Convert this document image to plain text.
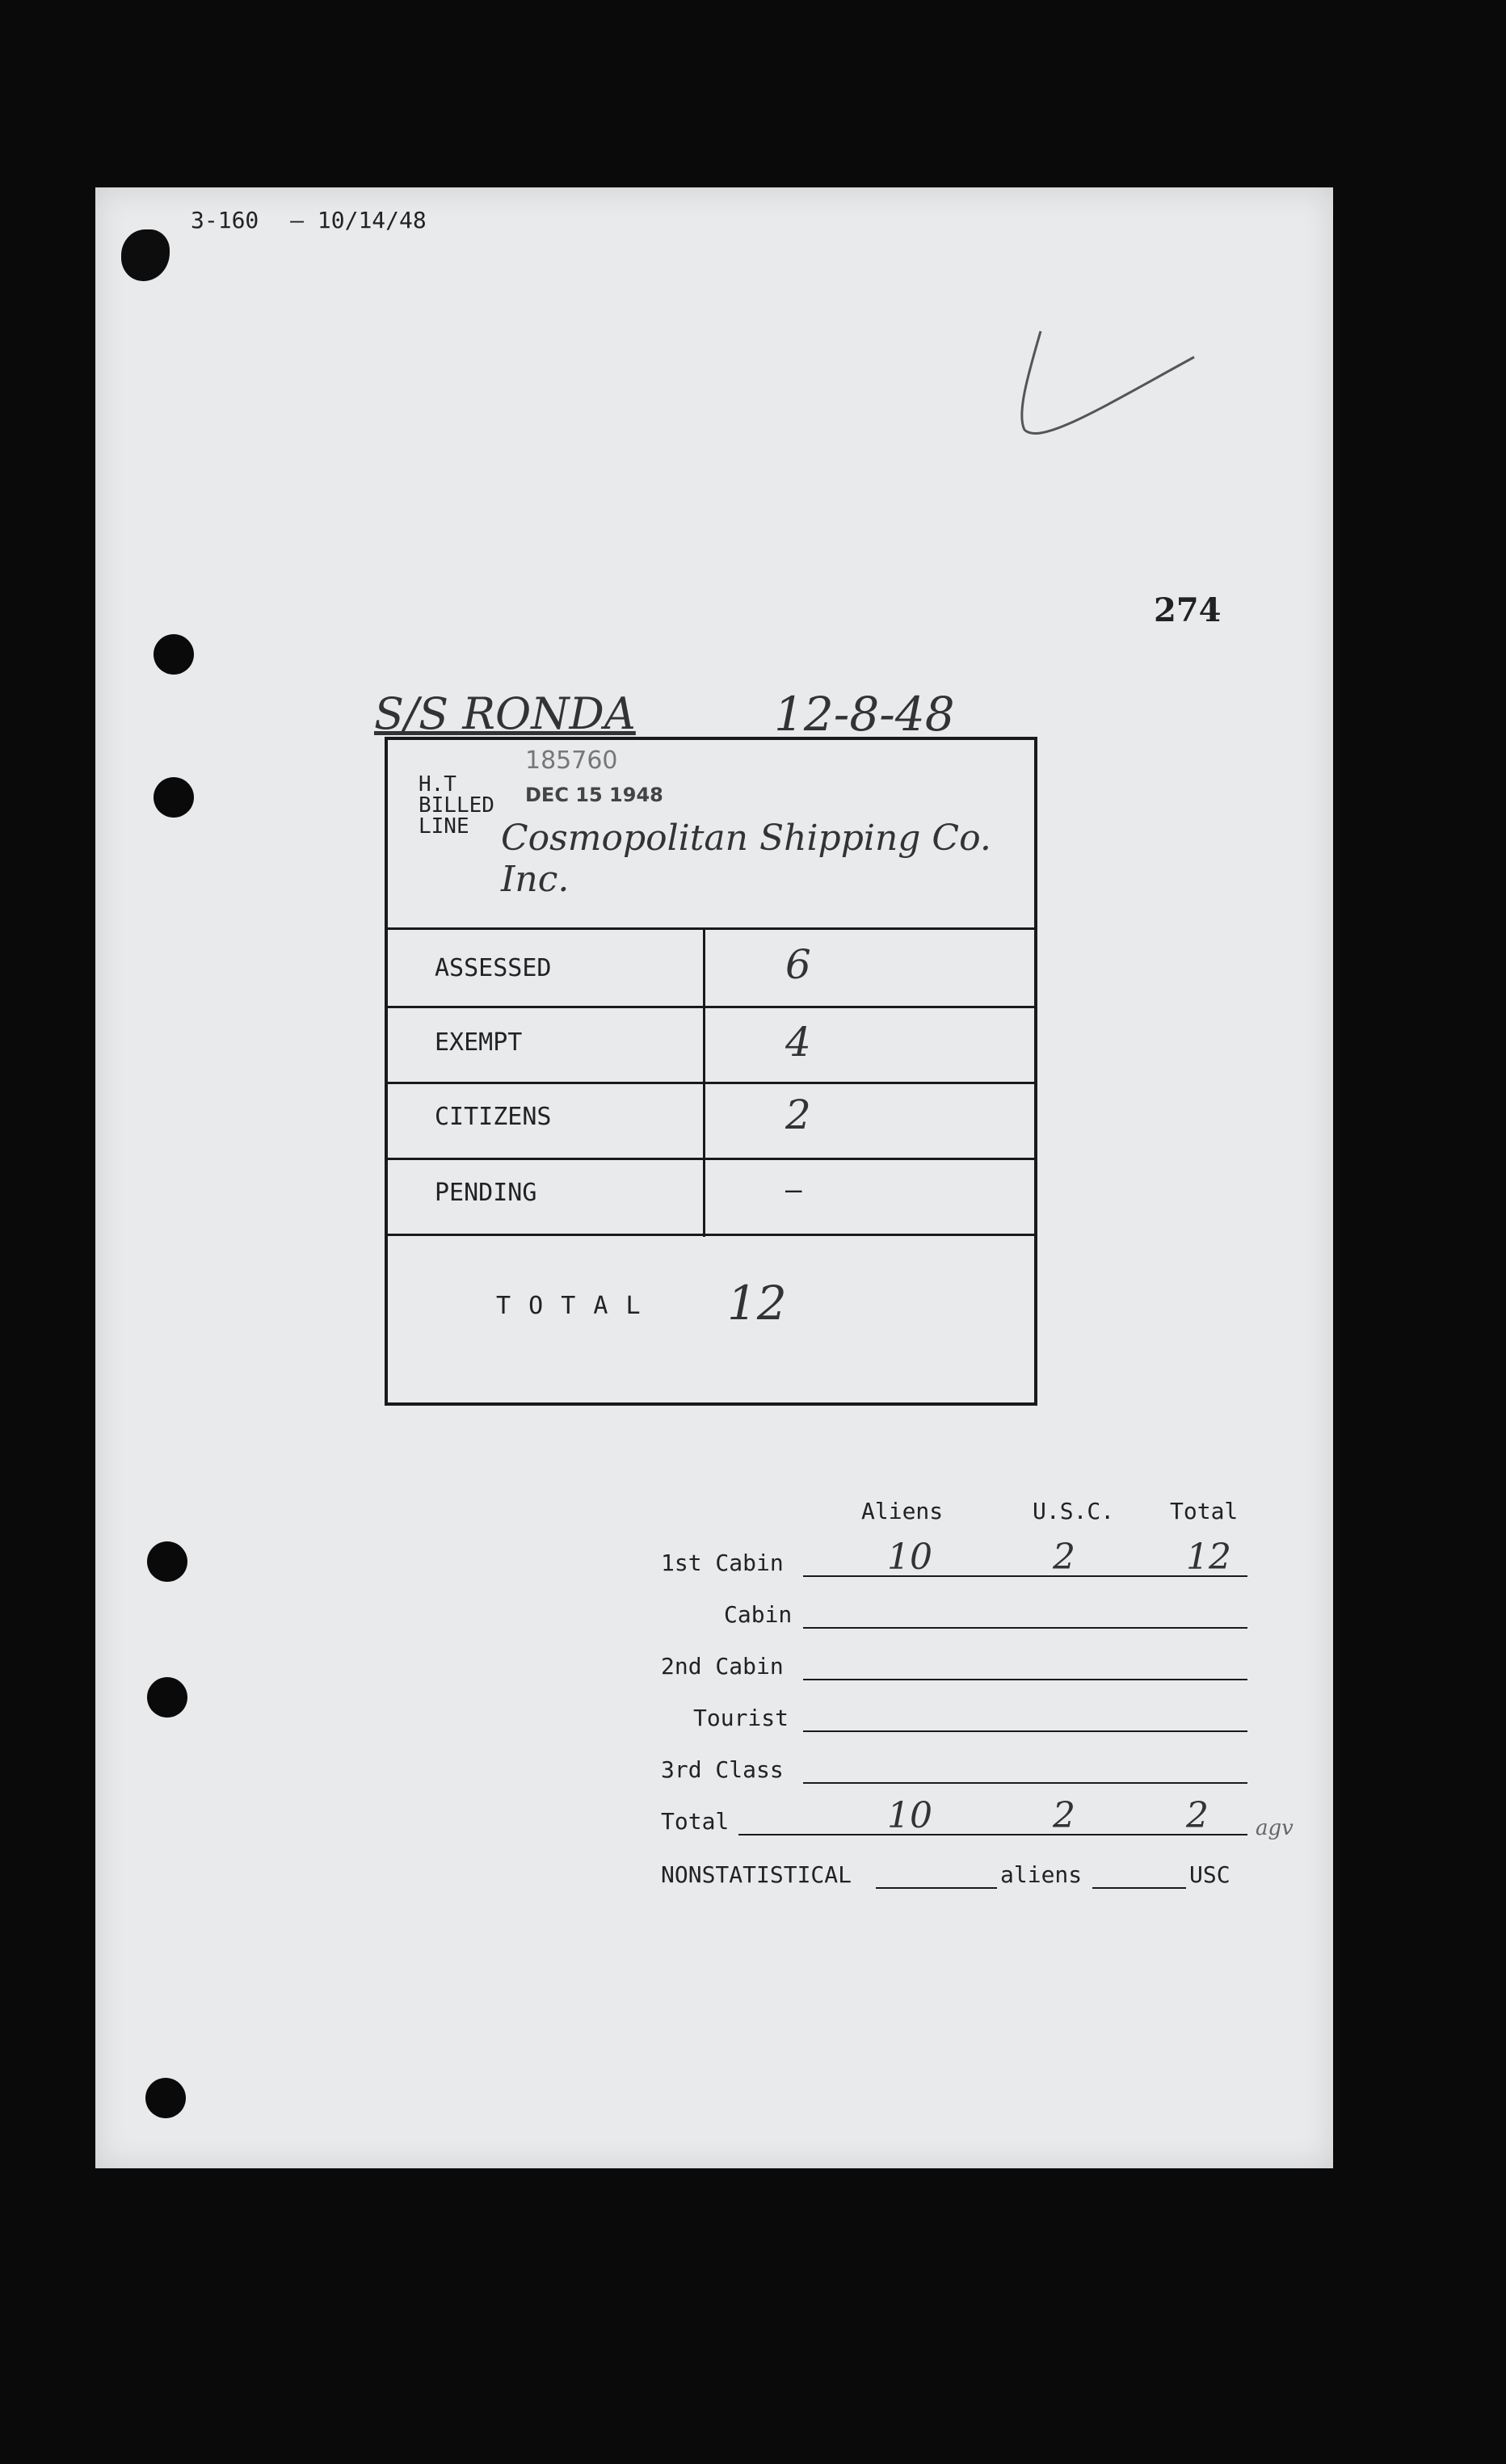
3-160 – 10/14/48
274
S/S RONDA	12-8-48
H.T
BILLED
LINE
185760
DEC 15 1948
Cosmopolitan Shipping Co. Inc.
ASSESSED	6
EXEMPT	4
CITIZENS	2
PENDING	—
T O T A L 12
Aliens	U.S.C. Total
1st Cabin	10	2	12
Cabin
2nd Cabin
Tourist
3rd Class
Total	10	2	2 agv
NONSTATISTICAL	aliens	USC
